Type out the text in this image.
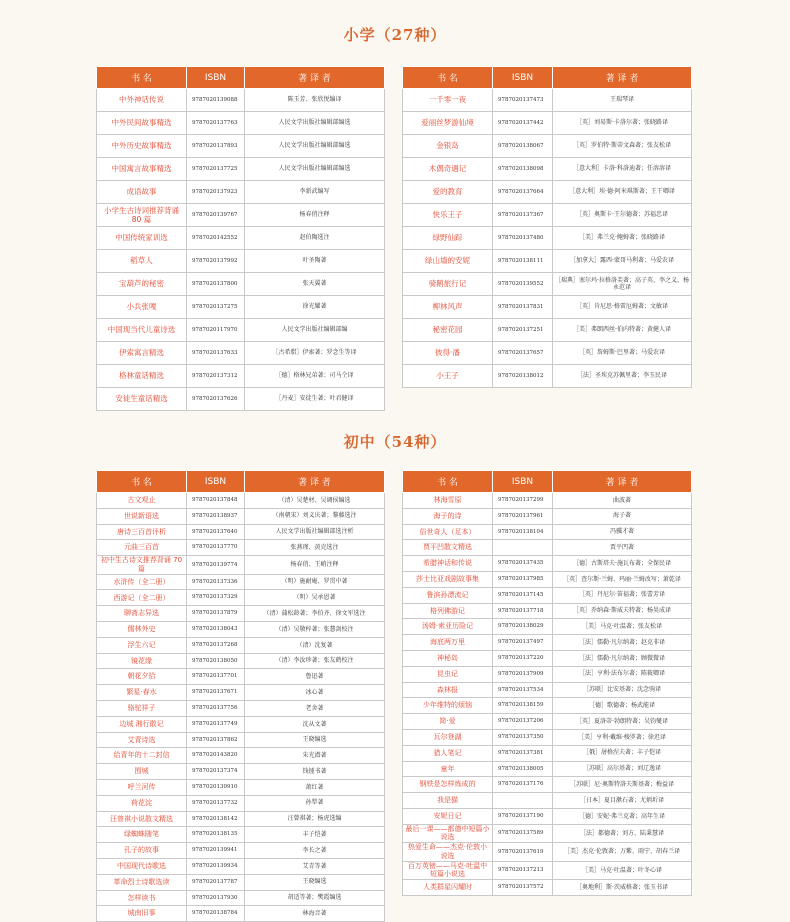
小学（27种）
书 名	ISBN	著 译 者
中外神话传说	9787020139088	陈玉芳、张欣悦编译
中外民间故事精选	9787020137763	人民文学出版社编辑部编选
中外历史故事精选	9787020137893	人民文学出版社编辑部编选
中国寓言故事精选	9787020137725	人民文学出版社编辑部编选
成语故事	9787020137923	李新武编写
小学生古诗词推荐背诵 80 篇	9787020139767	杨春俏注释
中国传统家训选	9787020142552	赵伯陶选注
稻草人	9787020137992	叶圣陶著
宝葫芦的秘密	9787020137800	张天翼著
小兵张嘎	9787020137275	徐光耀著
中国现当代儿童诗选	9787020117970	人民文学出版社编辑部编
伊索寓言精选	9787020137633	［古希腊］伊索著；罗念生等译
格林童话精选	9787020137312	［德］格林兄弟著；司马仝译
安徒生童话精选	9787020137626	［丹麦］安徒生著；叶君健译
书 名	ISBN	著 译 者
一千零一夜	9787020137473	王瑞琴译
爱丽丝梦游仙境	9787020137442	［英］刘易斯·卡洛尔著；张晓路译
金银岛	9787020138067	［英］罗伯特·斯蒂文森著；张友松译
木偶奇遇记	9787020138098	［意大利］卡洛·科洛迪著；任溶溶译
爱的教育	9787020137664	［意大利］埃·德·阿米琪斯著；王干卿译
快乐王子	9787020137367	［英］奥斯卡·王尔德著；苏福忠译
绿野仙踪	9787020137480	［美］弗兰克·鲍姆著；张晓路译
绿山墙的安妮	9787020138111	［加拿大］露西·蒙哥马利著；马爱农译
骑鹅旅行记	9787020139552	［瑞典］塞尔玛·拉格洛芙著；高子英、李之义、杨永范译
柳林风声	9787020137831	［英］肯尼思·格雷厄姆著；文敏译
秘密花园	9787020137251	［美］弗朗西丝·伯内特著；黄健人译
彼得·潘	9787020137657	［英］詹姆斯·巴里著；马爱农译
小王子	9787020138012	［法］圣埃克苏佩里著；李玉民译
初中（54种）
书 名	ISBN	著 译 者
古文观止	9787020137848	（清）吴楚材、吴调侯编选
世说新语选	9787020138937	（南朝宋）刘义庆著；黎藤选注
唐诗三百首评析	9787020137640	人民文学出版社编辑部选注析
元曲三百首	9787020137770	张燕瑾、黄克选注
初中生古诗文推荐背诵 70 篇	9787020139774	杨春俏、王峭注释
水浒传（全二册）	9787020137336	（明）施耐庵、罗贯中著
西游记（全二册）	9787020137329	（明）吴承恩著
聊斋志异选	9787020137879	（清）蒲松龄著；李伯齐、徐文军选注
儒林外史	9787020138043	（清）吴敬梓著；张慧剑校注
浮生六记	9787020137268	（清）沈复著
镜花缘	9787020138050	（清）李汝珍著；张友鹤校注
朝花夕拾	9787020137701	鲁迅著
繁星·春水	9787020137671	冰心著
骆驼祥子	9787020137756	老舍著
边城 湘行散记	9787020137749	沈从文著
艾青诗选	9787020137862	王晓编选
给青年的十二封信	9787020143820	朱光潜著
围城	9787020137374	钱锺书著
呼兰河传	9787020139910	萧红著
荷花淀	9787020137732	孙犁著
汪曾祺小说散文精选	9787020138142	汪曾祺著；杨虎选编
绿蜘蛛随笔	9787020138135	丰子恺著
孔子的故事	9787020139941	李长之著
中国现代诗歌选	9787020139934	艾青等著
革命烈士诗歌选读	9787020137787	王晓编选
怎样读书	9787020137930	胡适等著；樊霞编选
城南旧事	9787020138784	林海音著
书 名	ISBN	著 译 者
林海雪原	9787020137299	曲波著
海子的诗	9787020137961	海子著
俗世奇人（足本）	9787020138104	冯骥才著
贾平凹散文精选		贾平凹著
希腊神话和传说	9787020137435	［德］古斯塔夫·施瓦布著；全保民译
莎士比亚戏剧故事集	9787020137985	［英］查尔斯·兰姆、玛丽·兰姆改写；萧乾译
鲁滨孙漂流记	9787020137145	［英］丹尼尔·笛福著；张蕾芳译
格列佛游记	9787020137718	［英］乔纳森·斯威夫特著；杨昊成译
汤姆·索亚历险记	9787020138029	［美］马克·吐温著；张友松译
海底两万里	9787020137497	［法］儒勒·凡尔纳著；赵克非译
神秘岛	9787020137220	［法］儒勒·凡尔纳著；顾微微译
昆虫记	9787020137909	［法］亨利·法布尔著；陈筱卿译
森林报	9787020137534	［苏联］比安基著；沈念驹译
少年维特的烦恼	9787020138159	［德］歌德著；杨武能译
简·爱	9787020137206	［英］夏洛蒂·勃朗特著；吴钧燮译
瓦尔登湖	9787020137350	［美］亨利·戴维·梭罗著；徐迟译
猎人笔记	9787020137381	［俄］屠格涅夫著；丰子恺译
童年	9787020138005	［苏联］高尔基著；刘辽逸译
钢铁是怎样炼成的	9787020137176	［苏联］尼·奥斯特洛夫斯基著；梅益译
我是猫		［日本］夏目漱石著；尤炳圻译
安妮日记	9787020137190	［德］安妮·弗兰克著；高年生译
最后一课——都德中短篇小说选	9787020137589	［法］都德著；刘方、陆秉慧译
热爱生命——杰克·伦敦小说选	9787020137619	［美］杰克·伦敦著；万紫、雨宁、胡春兰译
百万英镑——马克·吐温中短篇小说选	9787020137213	［美］马克·吐温著；叶冬心译
人类群星闪耀时	9787020137572	［奥地利］斯·茨威格著；张玉书译
